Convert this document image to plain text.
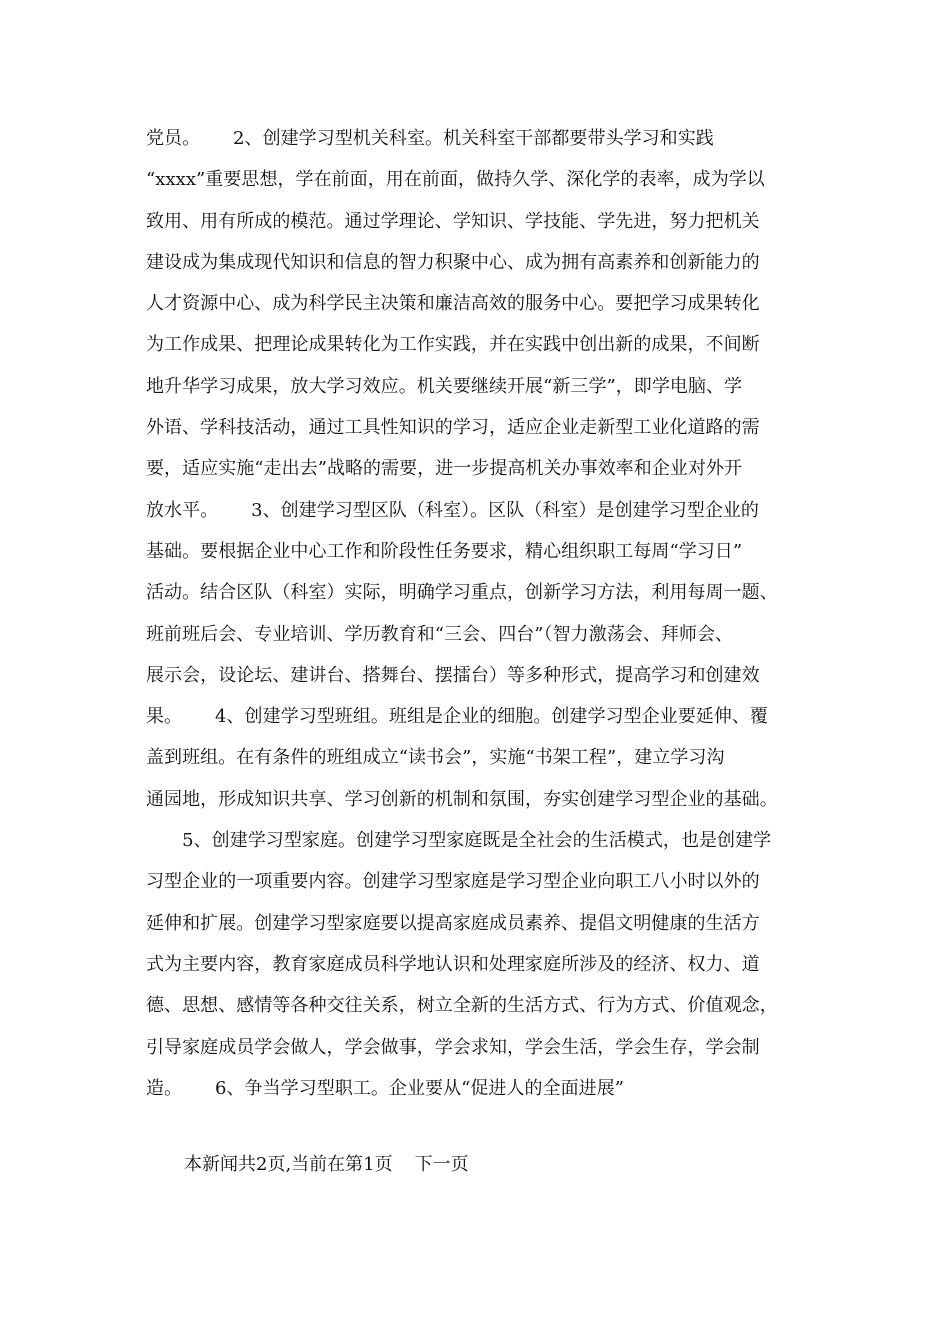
党员。　　 2、创建学习型机关科室。机关科室干部都要带头学习和实践
“xxxx”重要思想，学在前面，用在前面，做持久学、深化学的表率，成为学以
致用、用有所成的模范。通过学理论、学知识、学技能、学先进，努力把机关
建设成为集成现代知识和信息的智力积聚中心、成为拥有高素养和创新能力的
人才资源中心、成为科学民主决策和廉洁高效的服务中心。要把学习成果转化
为工作成果、把理论成果转化为工作实践，并在实践中创出新的成果，不间断
地升华学习成果，放大学习效应。机关要继续开展“新三学”，即学电脑、学
外语、学科技活动，通过工具性知识的学习，适应企业走新型工业化道路的需
要，适应实施“走出去”战略的需要，进一步提高机关办事效率和企业对外开
放水平。　　 3、创建学习型区队（科室）。区队（科室）是创建学习型企业的
基础。要根据企业中心工作和阶段性任务要求，精心组织职工每周“学习日”
活动。结合区队（科室）实际，明确学习重点，创新学习方法，利用每周一题、
班前班后会、专业培训、学历教育和“三会、四台”（智力激荡会、拜师会、
展示会，设论坛、建讲台、搭舞台、摆擂台）等多种形式，提高学习和创建效
果。　　 4、创建学习型班组。班组是企业的细胞。创建学习型企业要延伸、覆
盖到班组。在有条件的班组成立“读书会”，实施“书架工程”，建立学习沟
通园地，形成知识共享、学习创新的机制和氛围，夯实创建学习型企业的基础。
　　5、创建学习型家庭。创建学习型家庭既是全社会的生活模式，也是创建学
习型企业的一项重要内容。创建学习型家庭是学习型企业向职工八小时以外的
延伸和扩展。创建学习型家庭要以提高家庭成员素养、提倡文明健康的生活方
式为主要内容，教育家庭成员科学地认识和处理家庭所涉及的经济、权力、道
德、思想、感情等各种交往关系，树立全新的生活方式、行为方式、价值观念，
引导家庭成员学会做人，学会做事，学会求知，学会生活，学会生存，学会制
造。　　 6、争当学习型职工。企业要从“促进人的全面进展”
本新闻共2页,当前在第1页 下一页
